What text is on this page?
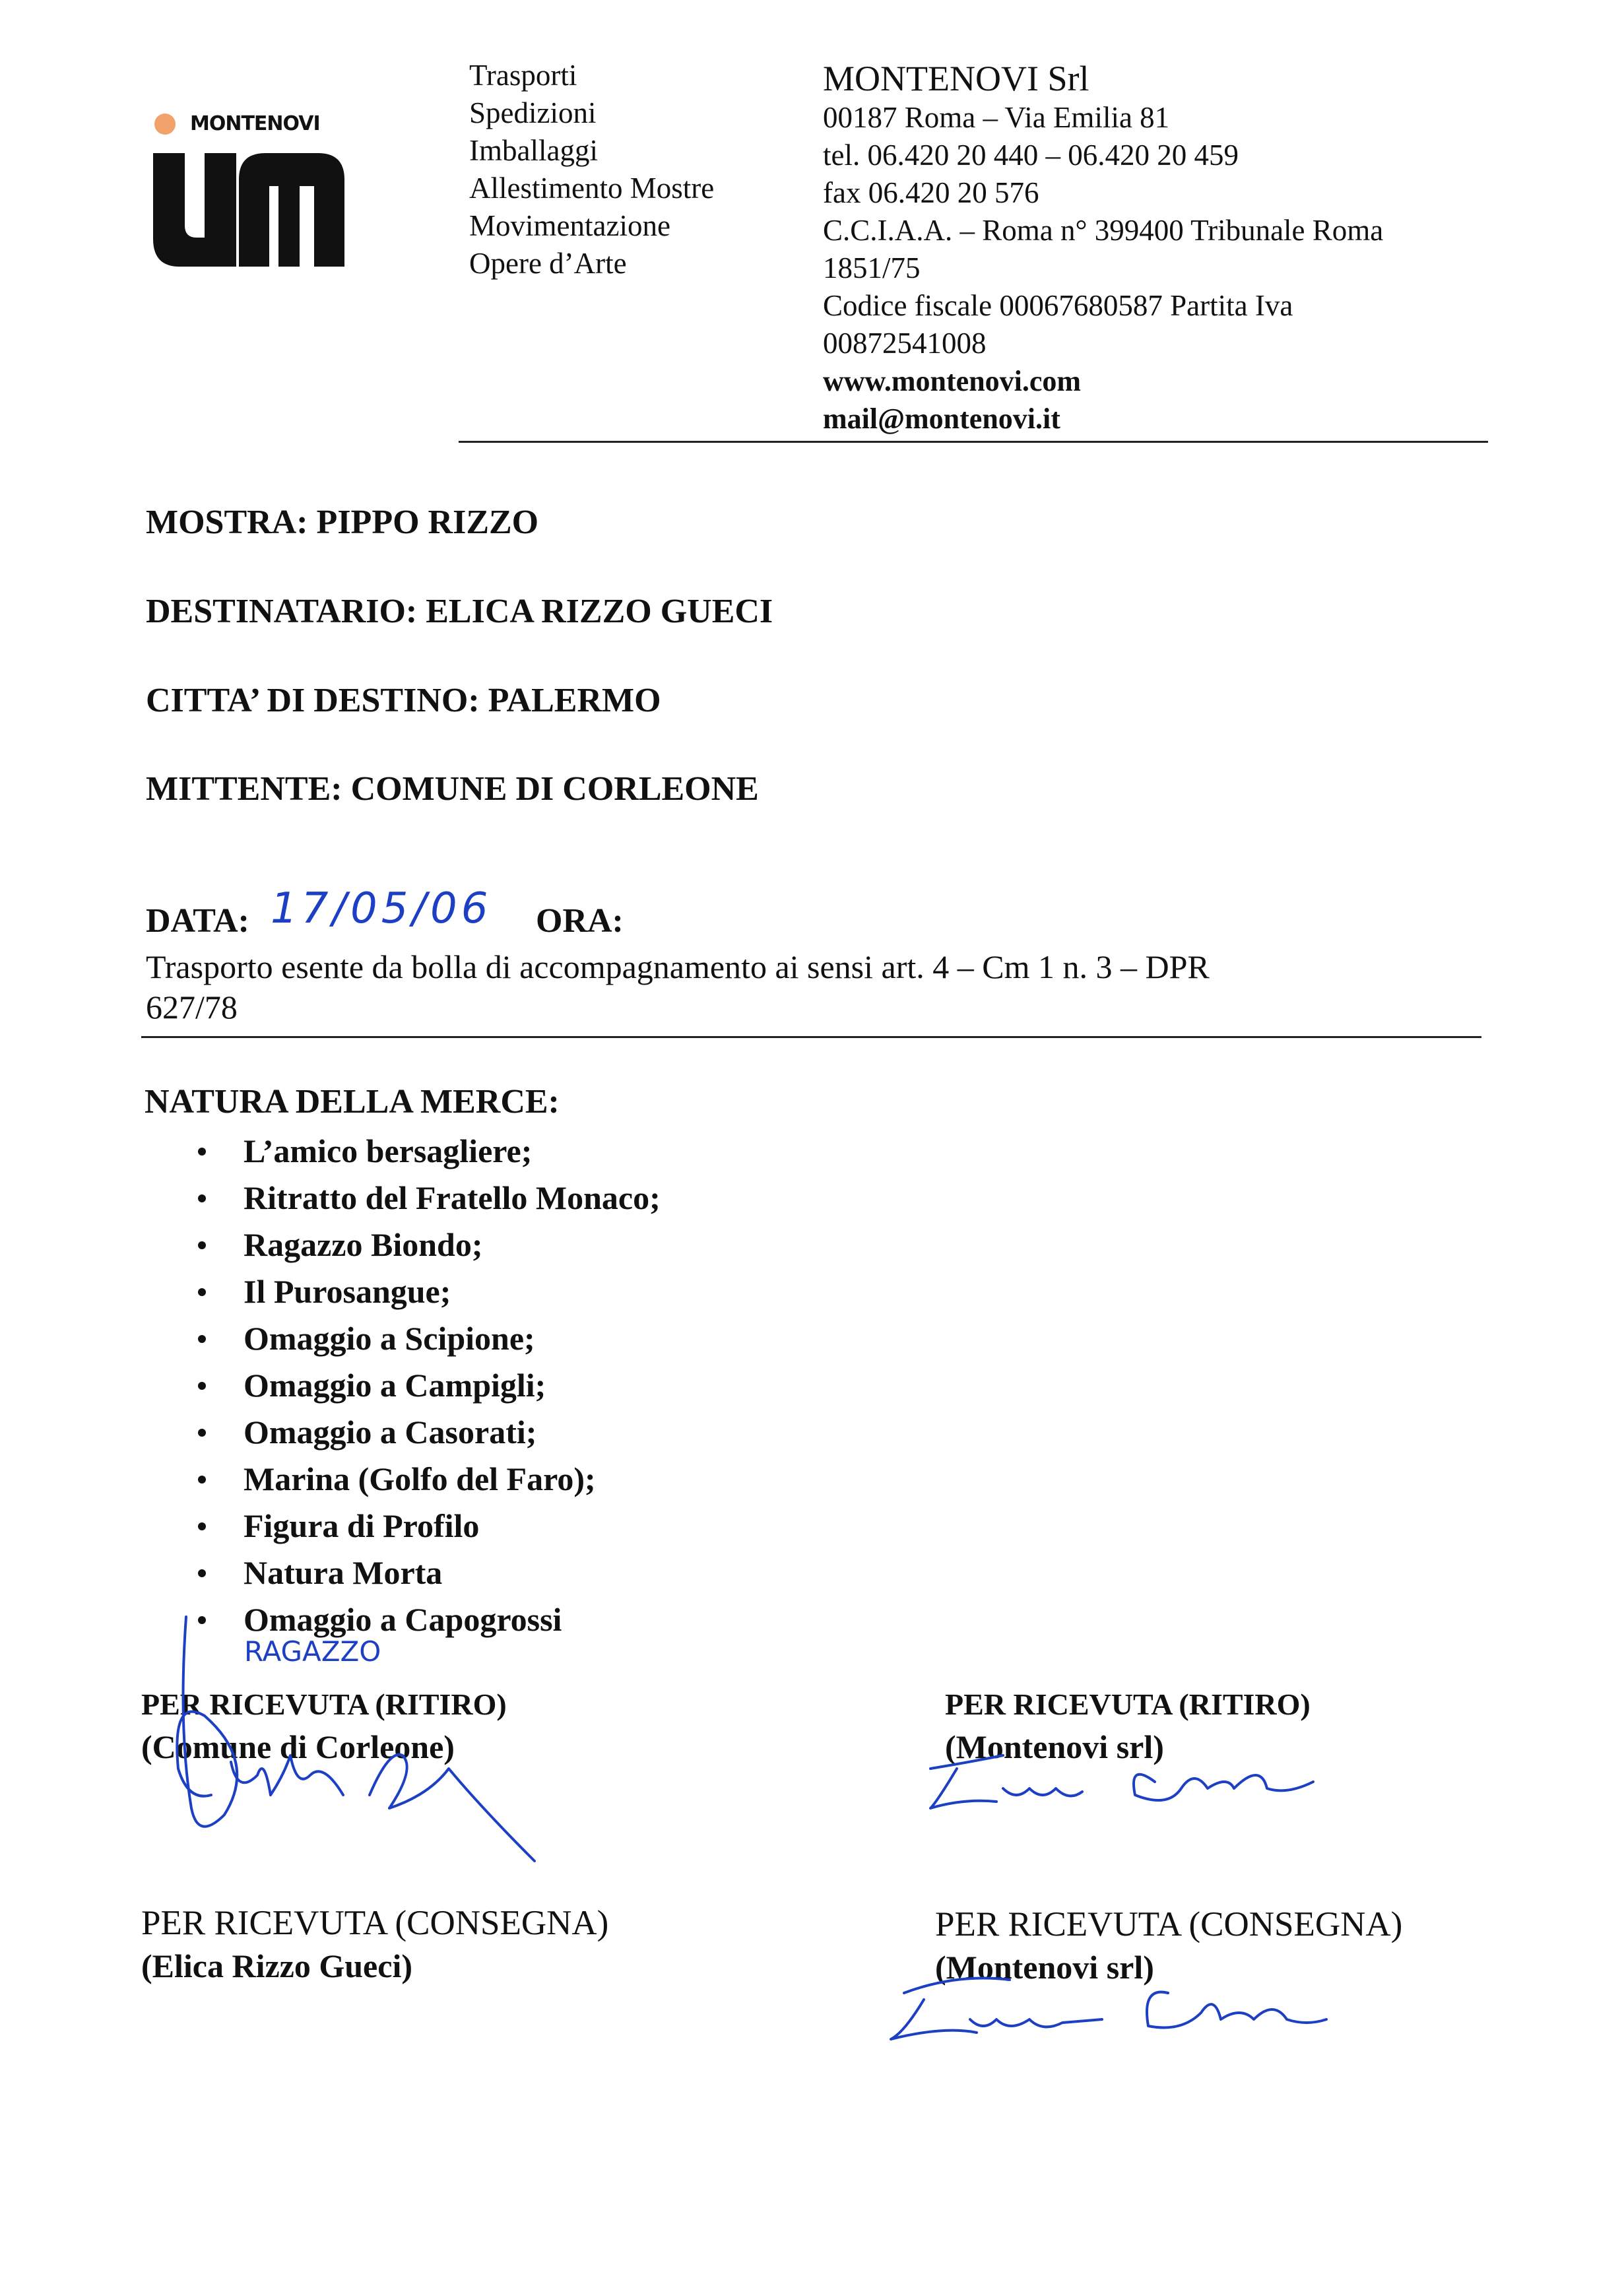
MONTENOVI
Trasporti
Spedizioni
Imballaggi
Allestimento Mostre
Movimentazione
Opere d’Arte
MONTENOVI Srl
00187 Roma – Via Emilia 81
tel. 06.420 20 440 – 06.420 20 459
fax 06.420 20 576
C.C.I.A.A. – Roma n° 399400 Tribunale Roma
1851/75
Codice fiscale 00067680587 Partita Iva
00872541008
www.montenovi.com
mail@montenovi.it
MOSTRA: PIPPO RIZZO
DESTINATARIO: ELICA RIZZO GUECI
CITTA’ DI DESTINO: PALERMO
MITTENTE: COMUNE DI CORLEONE
DATA: 17/05/06 ORA:
Trasporto esente da bolla di accompagnamento ai sensi art. 4 – Cm 1 n. 3 – DPR
627/78
NATURA DELLA MERCE:
L’amico bersagliere;
Ritratto del Fratello Monaco;
Ragazzo Biondo;
Il Purosangue;
Omaggio a Scipione;
Omaggio a Campigli;
Omaggio a Casorati;
Marina (Golfo del Faro);
Figura di Profilo
Natura Morta
Omaggio a Capogrossi
RAGAZZO
PER RICEVUTA (RITIRO)
(Comune di Corleone)
PER RICEVUTA (RITIRO)
(Montenovi srl)
PER RICEVUTA (CONSEGNA)
(Elica Rizzo Gueci)
PER RICEVUTA (CONSEGNA)
(Montenovi srl)
